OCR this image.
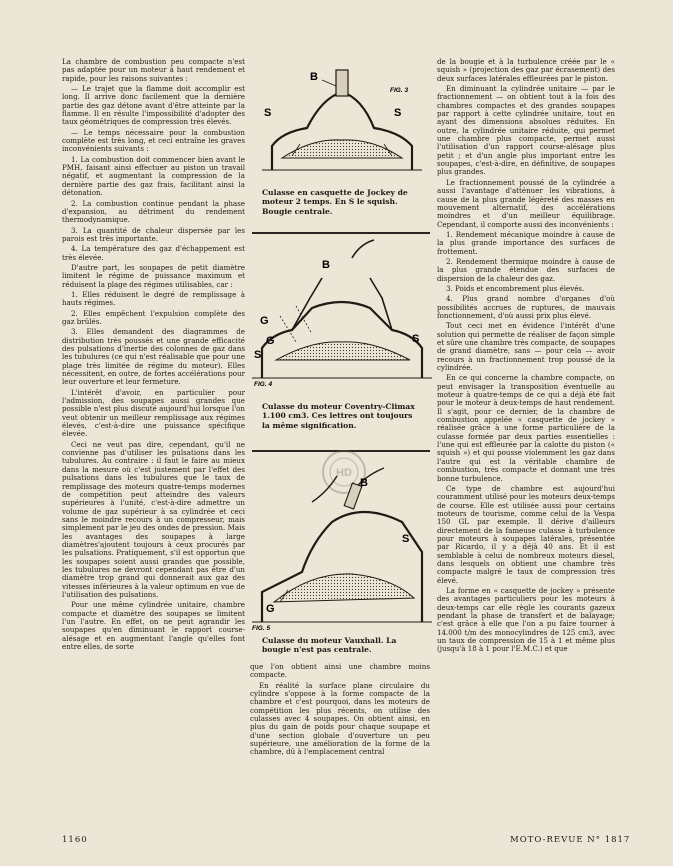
La chambre de combustion peu compacte n'est pas adaptée pour un moteur à haut rendement et rapide, pour les raisons suivantes :

— Le trajet que la flamme doit accomplir est long. Il arrive donc facilement que la dernière partie des gaz détone avant d'être atteinte par la flamme. Il en résulte l'impossibilité d'adopter des taux géométriques de compression très élevés.

— Le temps nécessaire pour la combustion complète est très long, et ceci entraîne les graves inconvénients suivants :

1. La combustion doit commencer bien avant le PMH, faisant ainsi effectuer au piston un travail négatif, et augmentant la compression de la dernière partie des gaz frais, facilitant ainsi la détonation.

2. La combustion continue pendant la phase d'expansion, au détriment du rendement thermodynamique.

3. La quantité de chaleur dispersée par les parois est très importante.

4. La température des gaz d'échappement est très élevée.

D'autre part, les soupapes de petit diamètre limitent le régime de puissance maximum et réduisent la plage des régimes utilisables, car :

1. Elles réduisent le degré de remplissage à hauts régimes.

2. Elles empêchent l'expulsion complète des gaz brûlés.

3. Elles demandent des diagrammes de distribution très poussés et une grande efficacité des pulsations d'inertie des colonnes de gaz dans les tubulures (ce qui n'est réalisable que pour une plage très limitée de régime du moteur). Elles nécessitent, en outre, de fortes accélérations pour leur ouverture et leur fermeture.

L'intérêt d'avoir, en particulier pour l'admission, des soupapes aussi grandes que possible n'est plus discuté aujourd'hui lorsque l'on veut obtenir un meilleur remplissage aux régimes élevés, c'est-à-dire une puissance spécifique élevée.

Ceci ne veut pas dire, cependant, qu'il ne convienne pas d'utiliser les pulsations dans les tubulures. Au contraire : il faut le faire au mieux dans la mesure où c'est justement par l'effet des pulsations dans les tubulures que le taux de remplissage des moteurs quatre-temps modernes de compétition peut atteindre des valeurs supérieures à l'unité, c'est-à-dire admettre un volume de gaz supérieur à sa cylindrée et ceci sans le moindre recours à un compresseur, mais simplement par le jeu des ondes de pression. Mais les avantages des soupapes à large diamètres'ajoutent toujours à ceux procurés par les pulsations. Pratiquement, s'il est opportun que les soupapes soient aussi grandes que possible, les tubulures ne devront cependant pas être d'un diamètre trop grand qui donnerait aux gaz des vitesses inférieures à la valeur optimum en vue de l'utilisation des pulsations.

Pour une même cylindrée unitaire, chambre compacte et diamètre des soupapes se limitent l'un l'autre. En effet, on ne peut agrandir les soupapes qu'en diminuant le rapport course-alésage et en augmentant l'angle qu'elles font entre elles, de sorte

B
S	S
FIG. 3
Culasse en casquette de Jockey de moteur 2 temps. En S le squish. Bougie centrale.
B
G
G
S
S
FIG. 4
Culasse du moteur Coventry-Climax 1.100 cm3. Ces lettres ont toujours la même signification.
HD
B
S
G
FIG. 5
Culasse du moteur Vauxhall. La bougie n'est pas centrale.

que l'on obtient ainsi une chambre moins compacte.

En réalité la surface plane circulaire du cylindre s'oppose à la forme compacte de la chambre et c'est pourquoi, dans les moteurs de compétition les plus récents, on utilise des culasses avec 4 soupapes. On obtient ainsi, en plus du gain de poids pour chaque soupape et d'une section globale d'ouverture un peu supérieure, une amélioration de la forme de la chambre, dû à l'emplacement central

de la bougie et à la turbulence créée par le « squish » (projection des gaz par écrasement) des deux surfaces latérales effleurées par le piston.

En diminuant la cylindrée unitaire — par le fractionnement — on obtient tout à la fois des chambres compactes et des grandes soupapes par rapport à cette cylindrée unitaire, tout en ayant des dimensions absolues réduites. En outre, la cylindrée unitaire réduite, qui permet une chambre plus compacte, permet aussi l'utilisation d'un rapport course-alésage plus petit ; et d'un angle plus important entre les soupapes, c'est-à-dire, en définitive, de soupapes plus grandes.

Le fractionnement poussé de la cylindrée a aussi l'avantage d'atténuer les vibrations, à cause de la plus grande légèreté des masses en mouvement alternatif, des accélérations moindres et d'un meilleur équilibrage. Cependant, il comporte aussi des inconvénients :

1. Rendement mécanique moindre à cause de la plus grande importance des surfaces de frottement.

2. Rendement thermique moindre à cause de la plus grande étendue des surfaces de dispersion de la chaleur des gaz.

3. Poids et encombrement plus élevés.

4. Plus grand nombre d'organes d'où possibilités accrues de ruptures, de mauvais fonctionnement, d'où aussi prix plus élevé.

Tout ceci met en évidence l'intérêt d'une solution qui permette de réaliser de façon simple et sûre une chambre très compacte, de soupapes de grand diamètre, sans — pour cela — avoir recours à un fractionnement trop poussé de la cylindrée.

En ce qui concerne la chambre compacte, on peut envisager la transposition éventuelle au moteur à quatre-temps de ce qui a déjà été fait pour le moteur à deux-temps de haut rendement. Il s'agit, pour ce dernier, de la chambre de combustion appelée « casquette de jockey » réalisée grâce à une forme particulière de la culasse formée par deux parties essentielles : l'une qui est effleurée par la calotte du piston (« squish ») et qui pousse violemment les gaz dans l'autre qui est la véritable chambre de combustion, très compacte et donnant une très bonne turbulence.

Ce type de chambre est aujourd'hui couramment utilisé pour les moteurs deux-temps de course. Elle est utilisée aussi pour certains moteurs de tourisme, comme celui de la Vespa 150 GL par exemple. Il dérive d'ailleurs directement de la fameuse culasse à turbulence pour moteurs à soupapes latérales, présentée par Ricardo, il y a déjà 40 ans. Et il est semblable à celui de nombreux moteurs diesel, dans lesquels on obtient une chambre très compacte malgré le taux de compression très élevé.

La forme en « casquette de jockey » présente des avantages particuliers pour les moteurs à deux-temps car elle règle les courants gazeux pendant la phase de transfert et de balayage; c'est grâce à elle que l'on a pu faire tourner à 14.000 t/m des monocylindres de 125 cm3, avec un taux de compression de 15 à 1 et même plus (jusqu'à 18 à 1 pour l'E.M.C.) et que

1160	MOTO-REVUE N° 1817
